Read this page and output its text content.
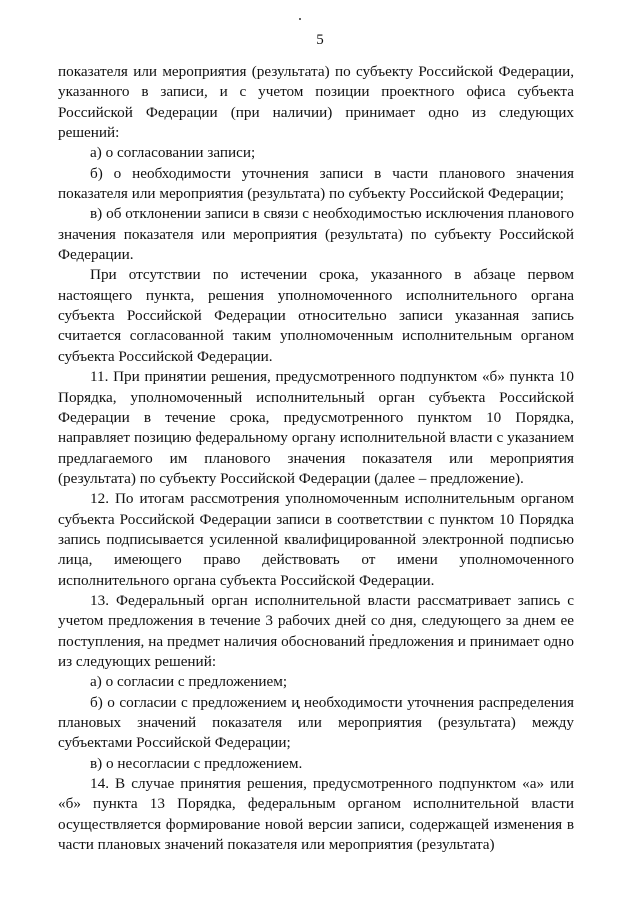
5

показателя или мероприятия (результата) по субъекту Российской Федерации, указанного в записи, и с учетом позиции проектного офиса субъекта Российской Федерации (при наличии) принимает одно из следующих решений:

а) о согласовании записи;

б) о необходимости уточнения записи в части планового значения показателя или мероприятия (результата) по субъекту Российской Федерации;

в) об отклонении записи в связи с необходимостью исключения планового значения показателя или мероприятия (результата) по субъекту Российской Федерации.

При отсутствии по истечении срока, указанного в абзаце первом настоящего пункта, решения уполномоченного исполнительного органа субъекта Российской Федерации относительно записи указанная запись считается согласованной таким уполномоченным исполнительным органом субъекта Российской Федерации.

11. При принятии решения, предусмотренного подпунктом «б» пункта 10 Порядка, уполномоченный исполнительный орган субъекта Российской Федерации в течение срока, предусмотренного пунктом 10 Порядка, направляет позицию федеральному органу исполнительной власти с указанием предлагаемого им планового значения показателя или мероприятия (результата) по субъекту Российской Федерации (далее – предложение).

12. По итогам рассмотрения уполномоченным исполнительным органом субъекта Российской Федерации записи в соответствии с пунктом 10 Порядка запись подписывается усиленной квалифицированной электронной подписью лица, имеющего право действовать от имени уполномоченного исполнительного органа субъекта Российской Федерации.

13. Федеральный орган исполнительной власти рассматривает запись с учетом предложения в течение 3 рабочих дней со дня, следующего за днем ее поступления, на предмет наличия обоснований предложения и принимает одно из следующих решений:

а) о согласии с предложением;

б) о согласии с предложением и необходимости уточнения распределения плановых значений показателя или мероприятия (результата) между субъектами Российской Федерации;

в) о несогласии с предложением.

14. В случае принятия решения, предусмотренного подпунктом «а» или «б» пункта 13 Порядка, федеральным органом исполнительной власти осуществляется формирование новой версии записи, содержащей изменения в части плановых значений показателя или мероприятия (результата)
